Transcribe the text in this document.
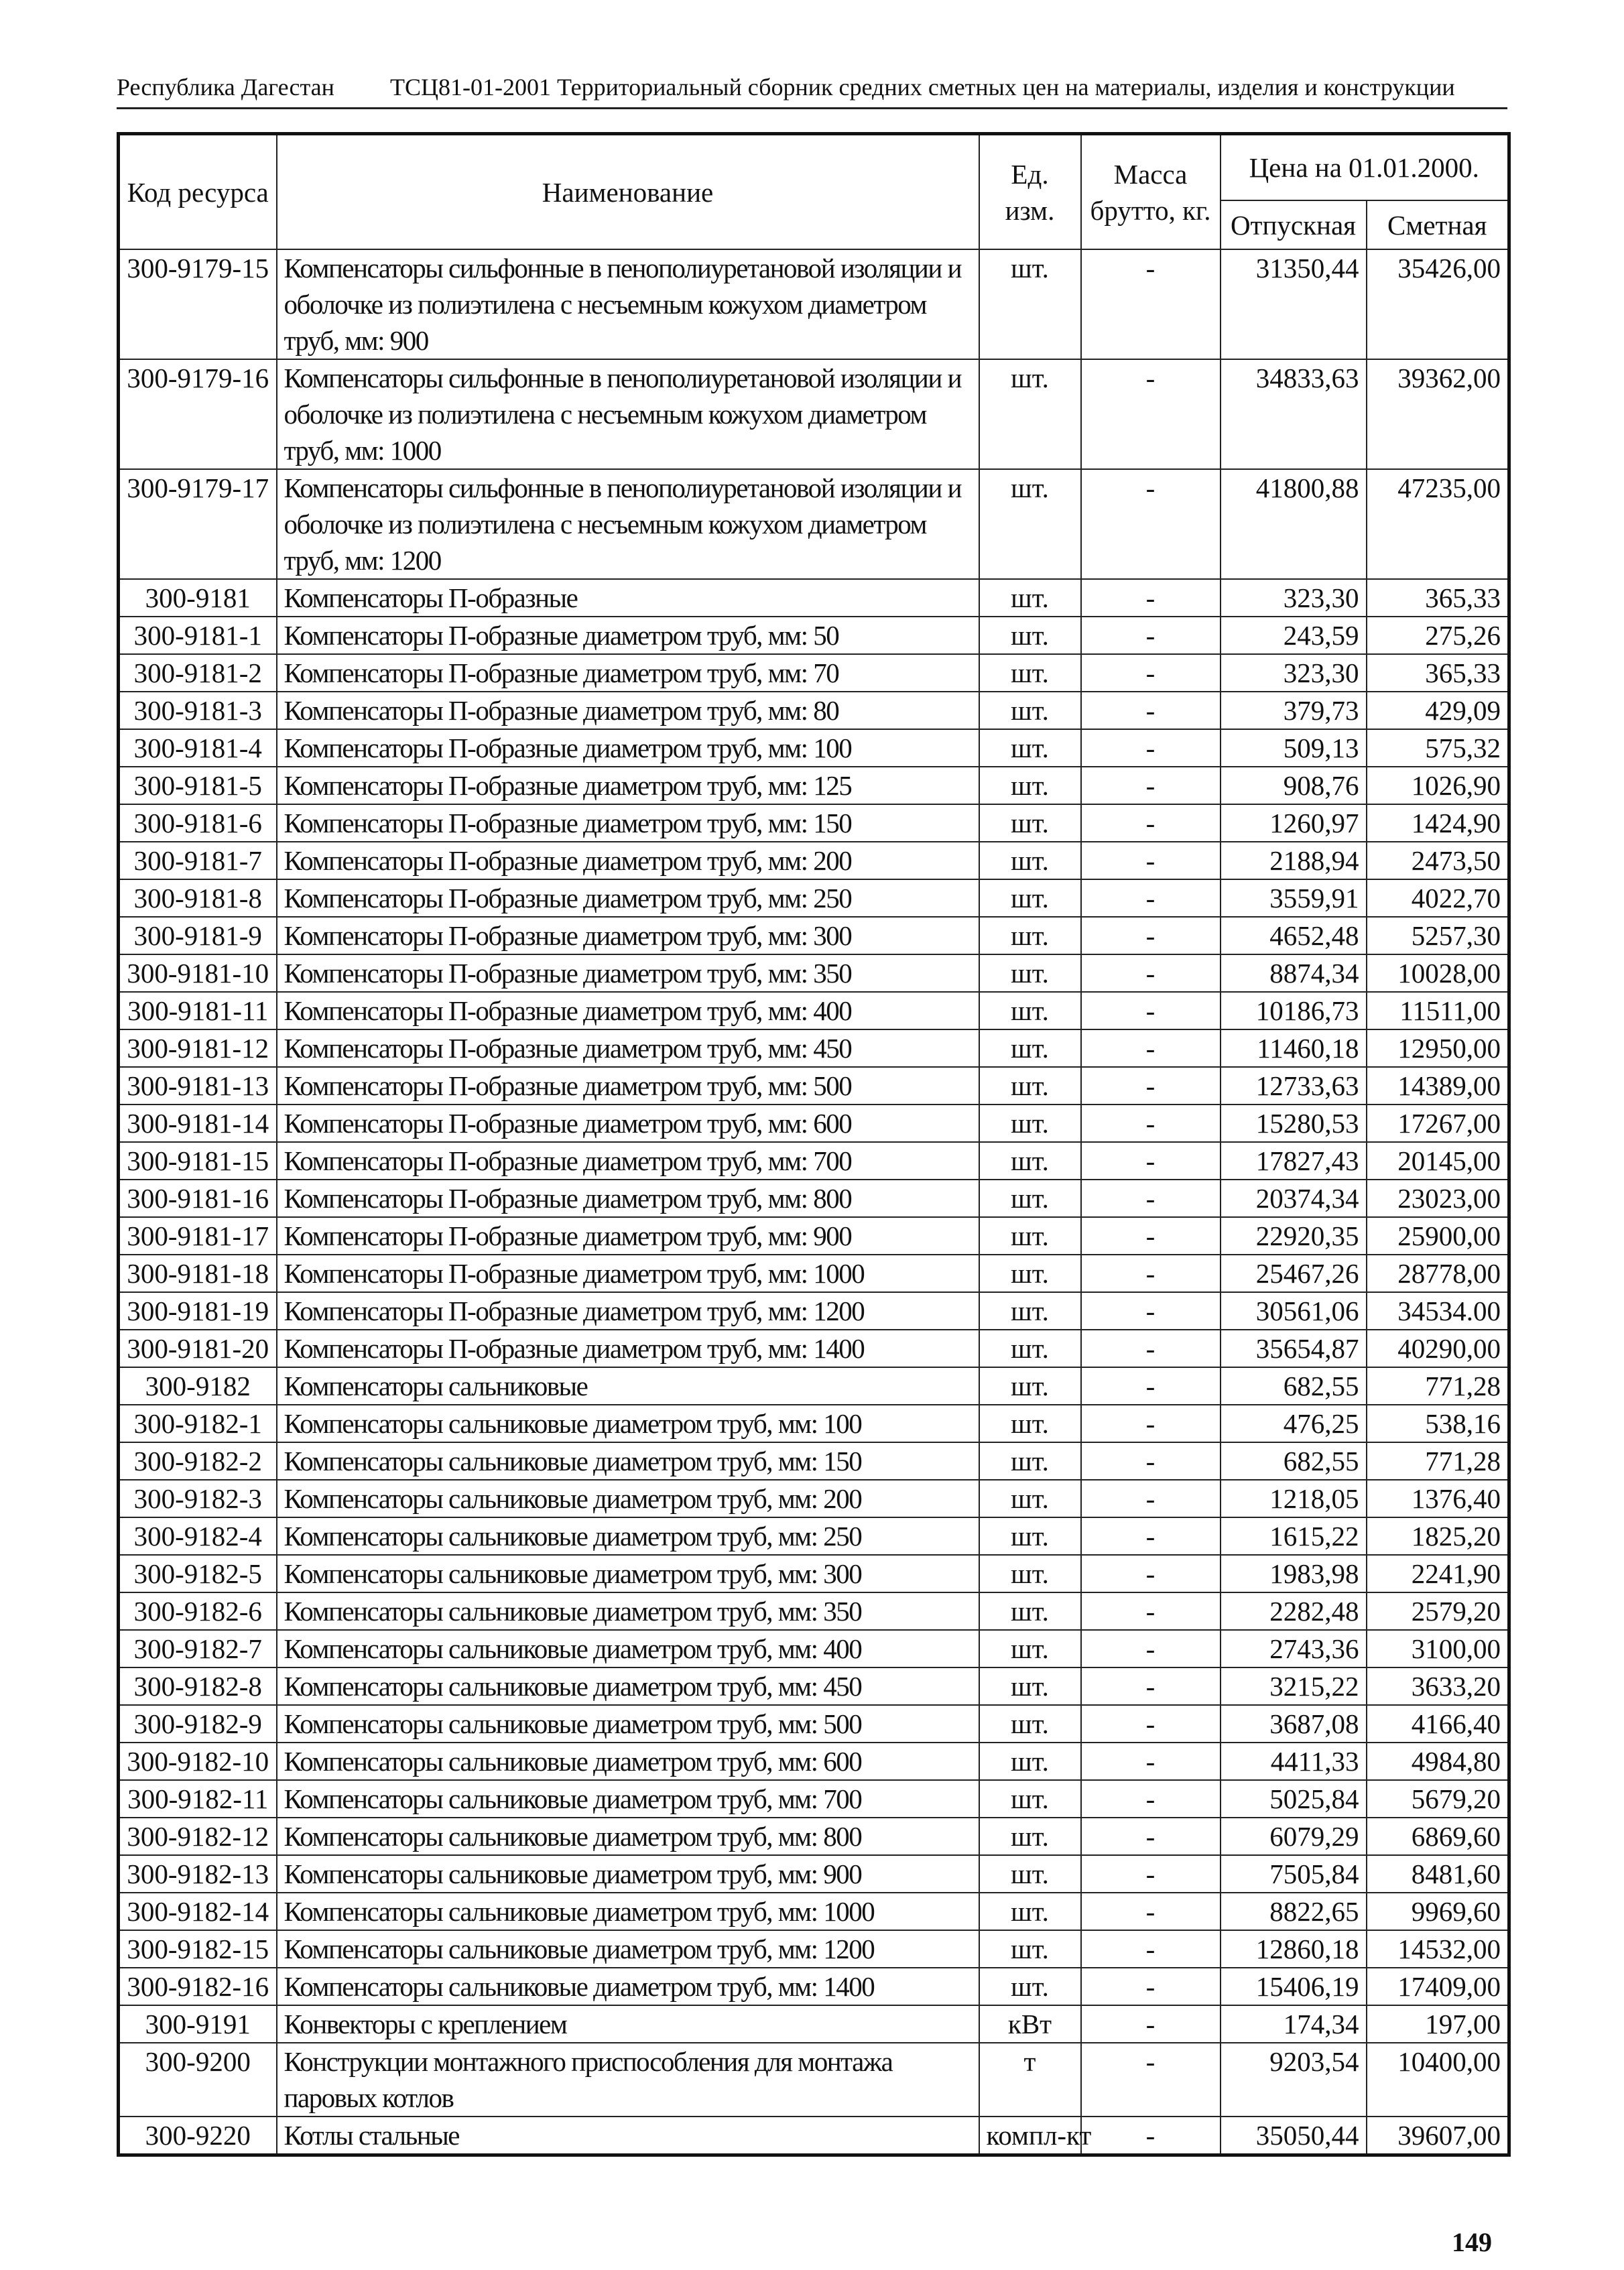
Республика Дагестан ТСЦ81-01-2001 Территориальный сборник средних сметных цен на материалы, изделия и конструкции
Код ресурса	Наименование	Ед. изм.	Масса брутто, кг.	Цена на 01.01.2000.	
				Отпускная	Сметная
300-9179-15	Компенсаторы сильфонные в пенополиуретановой изоляции и оболочке из полиэтилена с несъемным кожухом диаметром труб, мм: 900	шт.	-	31350,44	35426,00
300-9179-16	Компенсаторы сильфонные в пенополиуретановой изоляции и оболочке из полиэтилена с несъемным кожухом диаметром труб, мм: 1000	шт.	-	34833,63	39362,00
300-9179-17	Компенсаторы сильфонные в пенополиуретановой изоляции и оболочке из полиэтилена с несъемным кожухом диаметром труб, мм: 1200	шт.	-	41800,88	47235,00
300-9181	Компенсаторы П-образные	шт.	-	323,30	365,33
300-9181-1	Компенсаторы П-образные диаметром труб, мм: 50	шт.	-	243,59	275,26
300-9181-2	Компенсаторы П-образные диаметром труб, мм: 70	шт.	-	323,30	365,33
300-9181-3	Компенсаторы П-образные диаметром труб, мм: 80	шт.	-	379,73	429,09
300-9181-4	Компенсаторы П-образные диаметром труб, мм: 100	шт.	-	509,13	575,32
300-9181-5	Компенсаторы П-образные диаметром труб, мм: 125	шт.	-	908,76	1026,90
300-9181-6	Компенсаторы П-образные диаметром труб, мм: 150	шт.	-	1260,97	1424,90
300-9181-7	Компенсаторы П-образные диаметром труб, мм: 200	шт.	-	2188,94	2473,50
300-9181-8	Компенсаторы П-образные диаметром труб, мм: 250	шт.	-	3559,91	4022,70
300-9181-9	Компенсаторы П-образные диаметром труб, мм: 300	шт.	-	4652,48	5257,30
300-9181-10	Компенсаторы П-образные диаметром труб, мм: 350	шт.	-	8874,34	10028,00
300-9181-11	Компенсаторы П-образные диаметром труб, мм: 400	шт.	-	10186,73	11511,00
300-9181-12	Компенсаторы П-образные диаметром труб, мм: 450	шт.	-	11460,18	12950,00
300-9181-13	Компенсаторы П-образные диаметром труб, мм: 500	шт.	-	12733,63	14389,00
300-9181-14	Компенсаторы П-образные диаметром труб, мм: 600	шт.	-	15280,53	17267,00
300-9181-15	Компенсаторы П-образные диаметром труб, мм: 700	шт.	-	17827,43	20145,00
300-9181-16	Компенсаторы П-образные диаметром труб, мм: 800	шт.	-	20374,34	23023,00
300-9181-17	Компенсаторы П-образные диаметром труб, мм: 900	шт.	-	22920,35	25900,00
300-9181-18	Компенсаторы П-образные диаметром труб, мм: 1000	шт.	-	25467,26	28778,00
300-9181-19	Компенсаторы П-образные диаметром труб, мм: 1200	шт.	-	30561,06	34534.00
300-9181-20	Компенсаторы П-образные диаметром труб, мм: 1400	шт.	-	35654,87	40290,00
300-9182	Компенсаторы сальниковые	шт.	-	682,55	771,28
300-9182-1	Компенсаторы сальниковые диаметром труб, мм: 100	шт.	-	476,25	538,16
300-9182-2	Компенсаторы сальниковые диаметром труб, мм: 150	шт.	-	682,55	771,28
300-9182-3	Компенсаторы сальниковые диаметром труб, мм: 200	шт.	-	1218,05	1376,40
300-9182-4	Компенсаторы сальниковые диаметром труб, мм: 250	шт.	-	1615,22	1825,20
300-9182-5	Компенсаторы сальниковые диаметром труб, мм: 300	шт.	-	1983,98	2241,90
300-9182-6	Компенсаторы сальниковые диаметром труб, мм: 350	шт.	-	2282,48	2579,20
300-9182-7	Компенсаторы сальниковые диаметром труб, мм: 400	шт.	-	2743,36	3100,00
300-9182-8	Компенсаторы сальниковые диаметром труб, мм: 450	шт.	-	3215,22	3633,20
300-9182-9	Компенсаторы сальниковые диаметром труб, мм: 500	шт.	-	3687,08	4166,40
300-9182-10	Компенсаторы сальниковые диаметром труб, мм: 600	шт.	-	4411,33	4984,80
300-9182-11	Компенсаторы сальниковые диаметром труб, мм: 700	шт.	-	5025,84	5679,20
300-9182-12	Компенсаторы сальниковые диаметром труб, мм: 800	шт.	-	6079,29	6869,60
300-9182-13	Компенсаторы сальниковые диаметром труб, мм: 900	шт.	-	7505,84	8481,60
300-9182-14	Компенсаторы сальниковые диаметром труб, мм: 1000	шт.	-	8822,65	9969,60
300-9182-15	Компенсаторы сальниковые диаметром труб, мм: 1200	шт.	-	12860,18	14532,00
300-9182-16	Компенсаторы сальниковые диаметром труб, мм: 1400	шт.	-	15406,19	17409,00
300-9191	Конвекторы с креплением	кВт	-	174,34	197,00
300-9200	Конструкции монтажного приспособления для монтажа паровых котлов	т	-	9203,54	10400,00
300-9220	Котлы стальные	компл-кт	-	35050,44	39607,00
149
